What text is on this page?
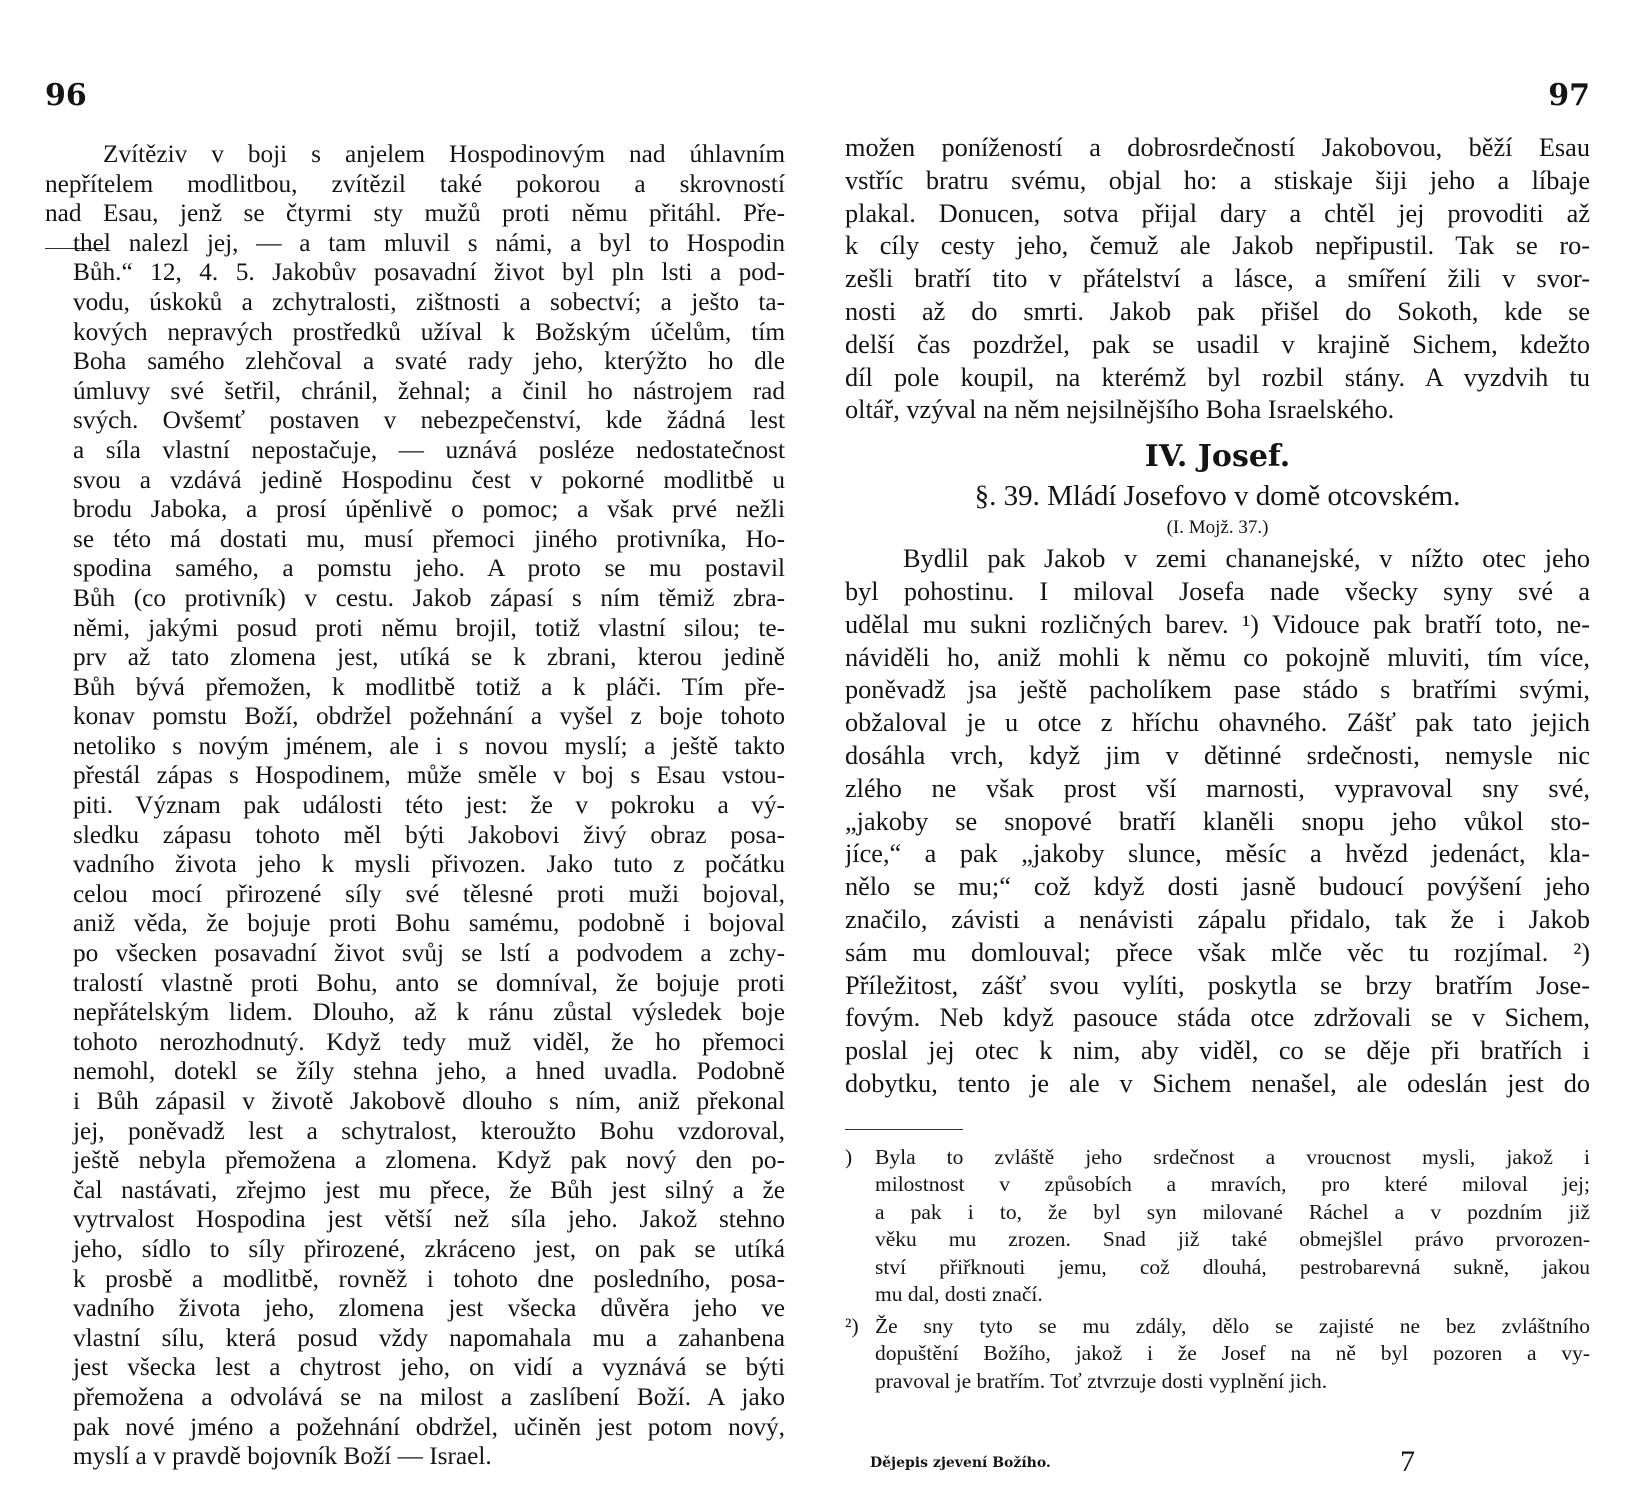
96
Zvítěziv v boji s anjelem Hospodinovým nad úhlavním
nepřítelem modlitbou, zvítězil také pokorou a skrovností
nad Esau, jenž se čtyrmi sty mužů proti němu přitáhl. Pře-
thel nalezl jej, — a tam mluvil s námi, a byl to Hospodin
Bůh.“ 12, 4. 5. Jakobův posavadní život byl pln lsti a pod-
vodu, úskoků a zchytralosti, zištnosti a sobectví; a ješto ta-
kových nepravých prostředků užíval k Božským účelům, tím
Boha samého zlehčoval a svaté rady jeho, kterýžto ho dle
úmluvy své šetřil, chránil, žehnal; a činil ho nástrojem rad
svých. Ovšemť postaven v nebezpečenství, kde žádná lest
a síla vlastní nepostačuje, — uznává posléze nedostatečnost
svou a vzdává jedině Hospodinu čest v pokorné modlitbě u
brodu Jaboka, a prosí úpěnlivě o pomoc; a však prvé nežli
se této má dostati mu, musí přemoci jiného protivníka, Ho-
spodina samého, a pomstu jeho. A proto se mu postavil
Bůh (co protivník) v cestu. Jakob zápasí s ním těmiž zbra-
němi, jakými posud proti němu brojil, totiž vlastní silou; te-
prv až tato zlomena jest, utíká se k zbrani, kterou jedině
Bůh bývá přemožen, k modlitbě totiž a k pláči. Tím pře-
konav pomstu Boží, obdržel požehnání a vyšel z boje tohoto
netoliko s novým jménem, ale i s novou myslí; a ještě takto
přestál zápas s Hospodinem, může směle v boj s Esau vstou-
piti. Význam pak události této jest: že v pokroku a vý-
sledku zápasu tohoto měl býti Jakobovi živý obraz posa-
vadního života jeho k mysli přivozen. Jako tuto z počátku
celou mocí přirozené síly své tělesné proti muži bojoval,
aniž věda, že bojuje proti Bohu samému, podobně i bojoval
po všecken posavadní život svůj se lstí a podvodem a zchy-
tralostí vlastně proti Bohu, anto se domníval, že bojuje proti
nepřátelským lidem. Dlouho, až k ránu zůstal výsledek boje
tohoto nerozhodnutý. Když tedy muž viděl, že ho přemoci
nemohl, dotekl se žíly stehna jeho, a hned uvadla. Podobně
i Bůh zápasil v životě Jakobově dlouho s ním, aniž překonal
jej, poněvadž lest a schytralost, kteroužto Bohu vzdoroval,
ještě nebyla přemožena a zlomena. Když pak nový den po-
čal nastávati, zřejmo jest mu přece, že Bůh jest silný a že
vytrvalost Hospodina jest větší než síla jeho. Jakož stehno
jeho, sídlo to síly přirozené, zkráceno jest, on pak se utíká
k prosbě a modlitbě, rovněž i tohoto dne posledního, posa-
vadního života jeho, zlomena jest všecka důvěra jeho ve
vlastní sílu, která posud vždy napomahala mu a zahanbena
jest všecka lest a chytrost jeho, on vidí a vyznává se býti
přemožena a odvolává se na milost a zaslíbení Boží. A jako
pak nové jméno a požehnání obdržel, učiněn jest potom nový,
myslí a v pravdě bojovník Boží — Israel.
97
možen ponížeností a dobrosrdečností Jakobovou, běží Esau
vstříc bratru svému, objal ho: a stiskaje šiji jeho a líbaje
plakal. Donucen, sotva přijal dary a chtěl jej provoditi až
k cíly cesty jeho, čemuž ale Jakob nepřipustil. Tak se ro-
zešli bratří tito v přátelství a lásce, a smíření žili v svor-
nosti až do smrti. Jakob pak přišel do Sokoth, kde se
delší čas pozdržel, pak se usadil v krajině Sichem, kdežto
díl pole koupil, na kterémž byl rozbil stány. A vyzdvih tu
oltář, vzýval na něm nejsilnějšího Boha Israelského.
IV. Josef.
§. 39. Mládí Josefovo v domě otcovském.
(I. Mojž. 37.)
Bydlil pak Jakob v zemi chananejské, v nížto otec jeho
byl pohostinu. I miloval Josefa nade všecky syny své a
udělal mu sukni rozličných barev. ¹) Vidouce pak bratří toto, ne-
náviděli ho, aniž mohli k němu co pokojně mluviti, tím více,
poněvadž jsa ještě pacholíkem pase stádo s bratřími svými,
obžaloval je u otce z hříchu ohavného. Zášť pak tato jejich
dosáhla vrch, když jim v dětinné srdečnosti, nemysle nic
zlého ne však prost vší marnosti, vypravoval sny své,
„jakoby se snopové bratří klaněli snopu jeho vůkol sto-
jíce,“ a pak „jakoby slunce, měsíc a hvězd jedenáct, kla-
nělo se mu;“ což když dosti jasně budoucí povýšení jeho
značilo, závisti a nenávisti zápalu přidalo, tak že i Jakob
sám mu domlouval; přece však mlče věc tu rozjímal. ²)
Příležitost, zášť svou vylíti, poskytla se brzy bratřím Jose-
fovým. Neb když pasouce stáda otce zdržovali se v Sichem,
poslal jej otec k nim, aby viděl, co se děje při bratřích i
dobytku, tento je ale v Sichem nenašel, ale odeslán jest do
) Byla to zvláště jeho srdečnost a vroucnost mysli, jakož i
milostnost v způsobích a mravích, pro které miloval jej;
a pak i to, že byl syn milované Ráchel a v pozdním již
věku mu zrozen. Snad již také obmejšlel právo prvorozen-
ství přiřknouti jemu, což dlouhá, pestrobarevná sukně, jakou
mu dal, dosti značí.
²) Že sny tyto se mu zdály, dělo se zajisté ne bez zvláštního
dopuštění Božího, jakož i že Josef na ně byl pozoren a vy-
pravoval je bratřím. Toť ztvrzuje dosti vyplnění jich.
Dějepis zjevení Božího.	7
